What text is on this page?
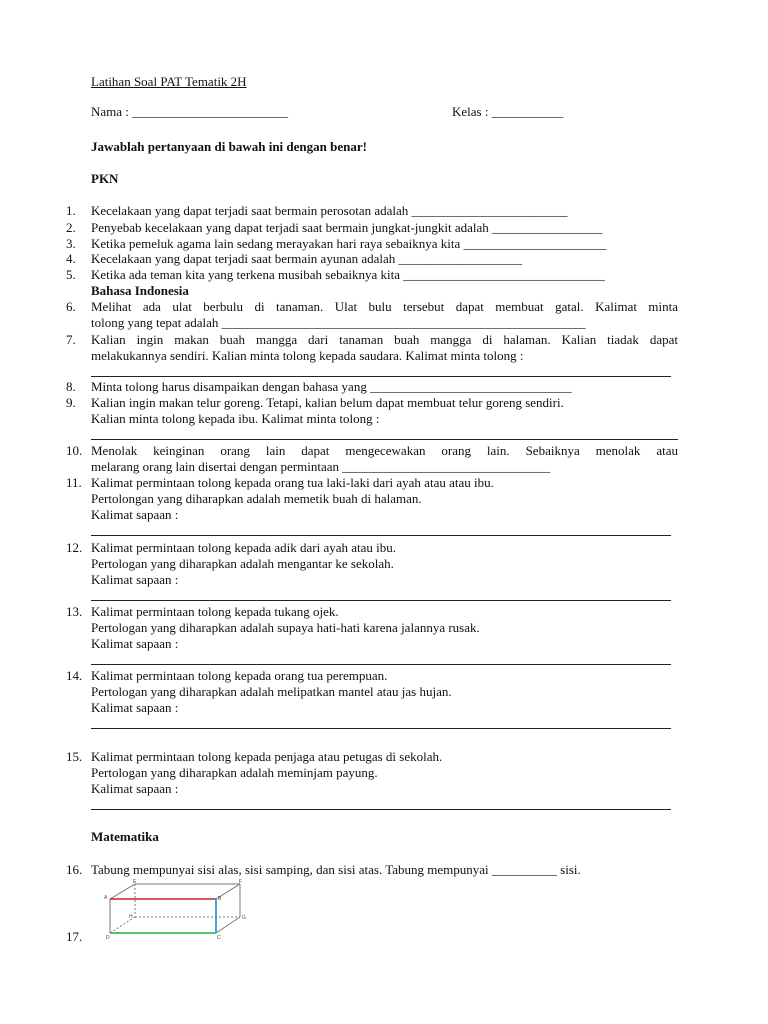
Latihan Soal PAT Tematik 2H
Nama : ________________________	Kelas : ___________
Jawablah pertanyaan di bawah ini dengan benar!
PKN
1.	Kecelakaan yang dapat terjadi saat bermain perosotan adalah ________________________
2.	Penyebab kecelakaan yang dapat terjadi saat bermain jungkat-jungkit adalah _________________
3.	Ketika pemeluk agama lain sedang merayakan hari raya sebaiknya kita ______________________
4.	Kecelakaan yang dapat terjadi saat bermain ayunan adalah ___________________
5.	Ketika ada teman kita yang terkena musibah sebaiknya kita _______________________________
Bahasa Indonesia
6.	Melihat ada ulat berbulu di tanaman. Ulat bulu tersebut dapat membuat gatal. Kalimat minta
tolong yang tepat adalah ________________________________________________________
7.	Kalian ingin makan buah mangga dari tanaman buah mangga di halaman. Kalian tiadak dapat
melakukannya sendiri. Kalian minta tolong kepada saudara. Kalimat minta tolong :
8.	Minta tolong harus disampaikan dengan bahasa yang _______________________________
9.	Kalian ingin makan telur goreng. Tetapi, kalian belum dapat membuat telur goreng sendiri.
Kalian minta tolong kepada ibu. Kalimat minta tolong :
10. Menolak keinginan orang lain dapat mengecewakan orang lain. Sebaiknya menolak atau
melarang orang lain disertai dengan permintaan ________________________________
11. Kalimat permintaan tolong kepada orang tua laki-laki dari ayah atau atau ibu.
Pertolongan yang diharapkan adalah memetik buah di halaman.
Kalimat sapaan :
12. Kalimat permintaan tolong kepada adik dari ayah atau ibu.
Pertologan yang diharapkan adalah mengantar ke sekolah.
Kalimat sapaan :
13. Kalimat permintaan tolong kepada tukang ojek.
Pertologan yang diharapkan adalah supaya hati-hati karena jalannya rusak.
Kalimat sapaan :
14. Kalimat permintaan tolong kepada orang tua perempuan.
Pertologan yang diharapkan adalah melipatkan mantel atau jas hujan.
Kalimat sapaan :
15. Kalimat permintaan tolong kepada penjaga atau petugas di sekolah.
Pertologan yang diharapkan adalah meminjam payung.
Kalimat sapaan :
Matematika
16. Tabung mempunyai sisi alas, sisi samping, dan sisi atas. Tabung mempunyai __________ sisi.
A	B
C
D
E	F
G
H
17.
